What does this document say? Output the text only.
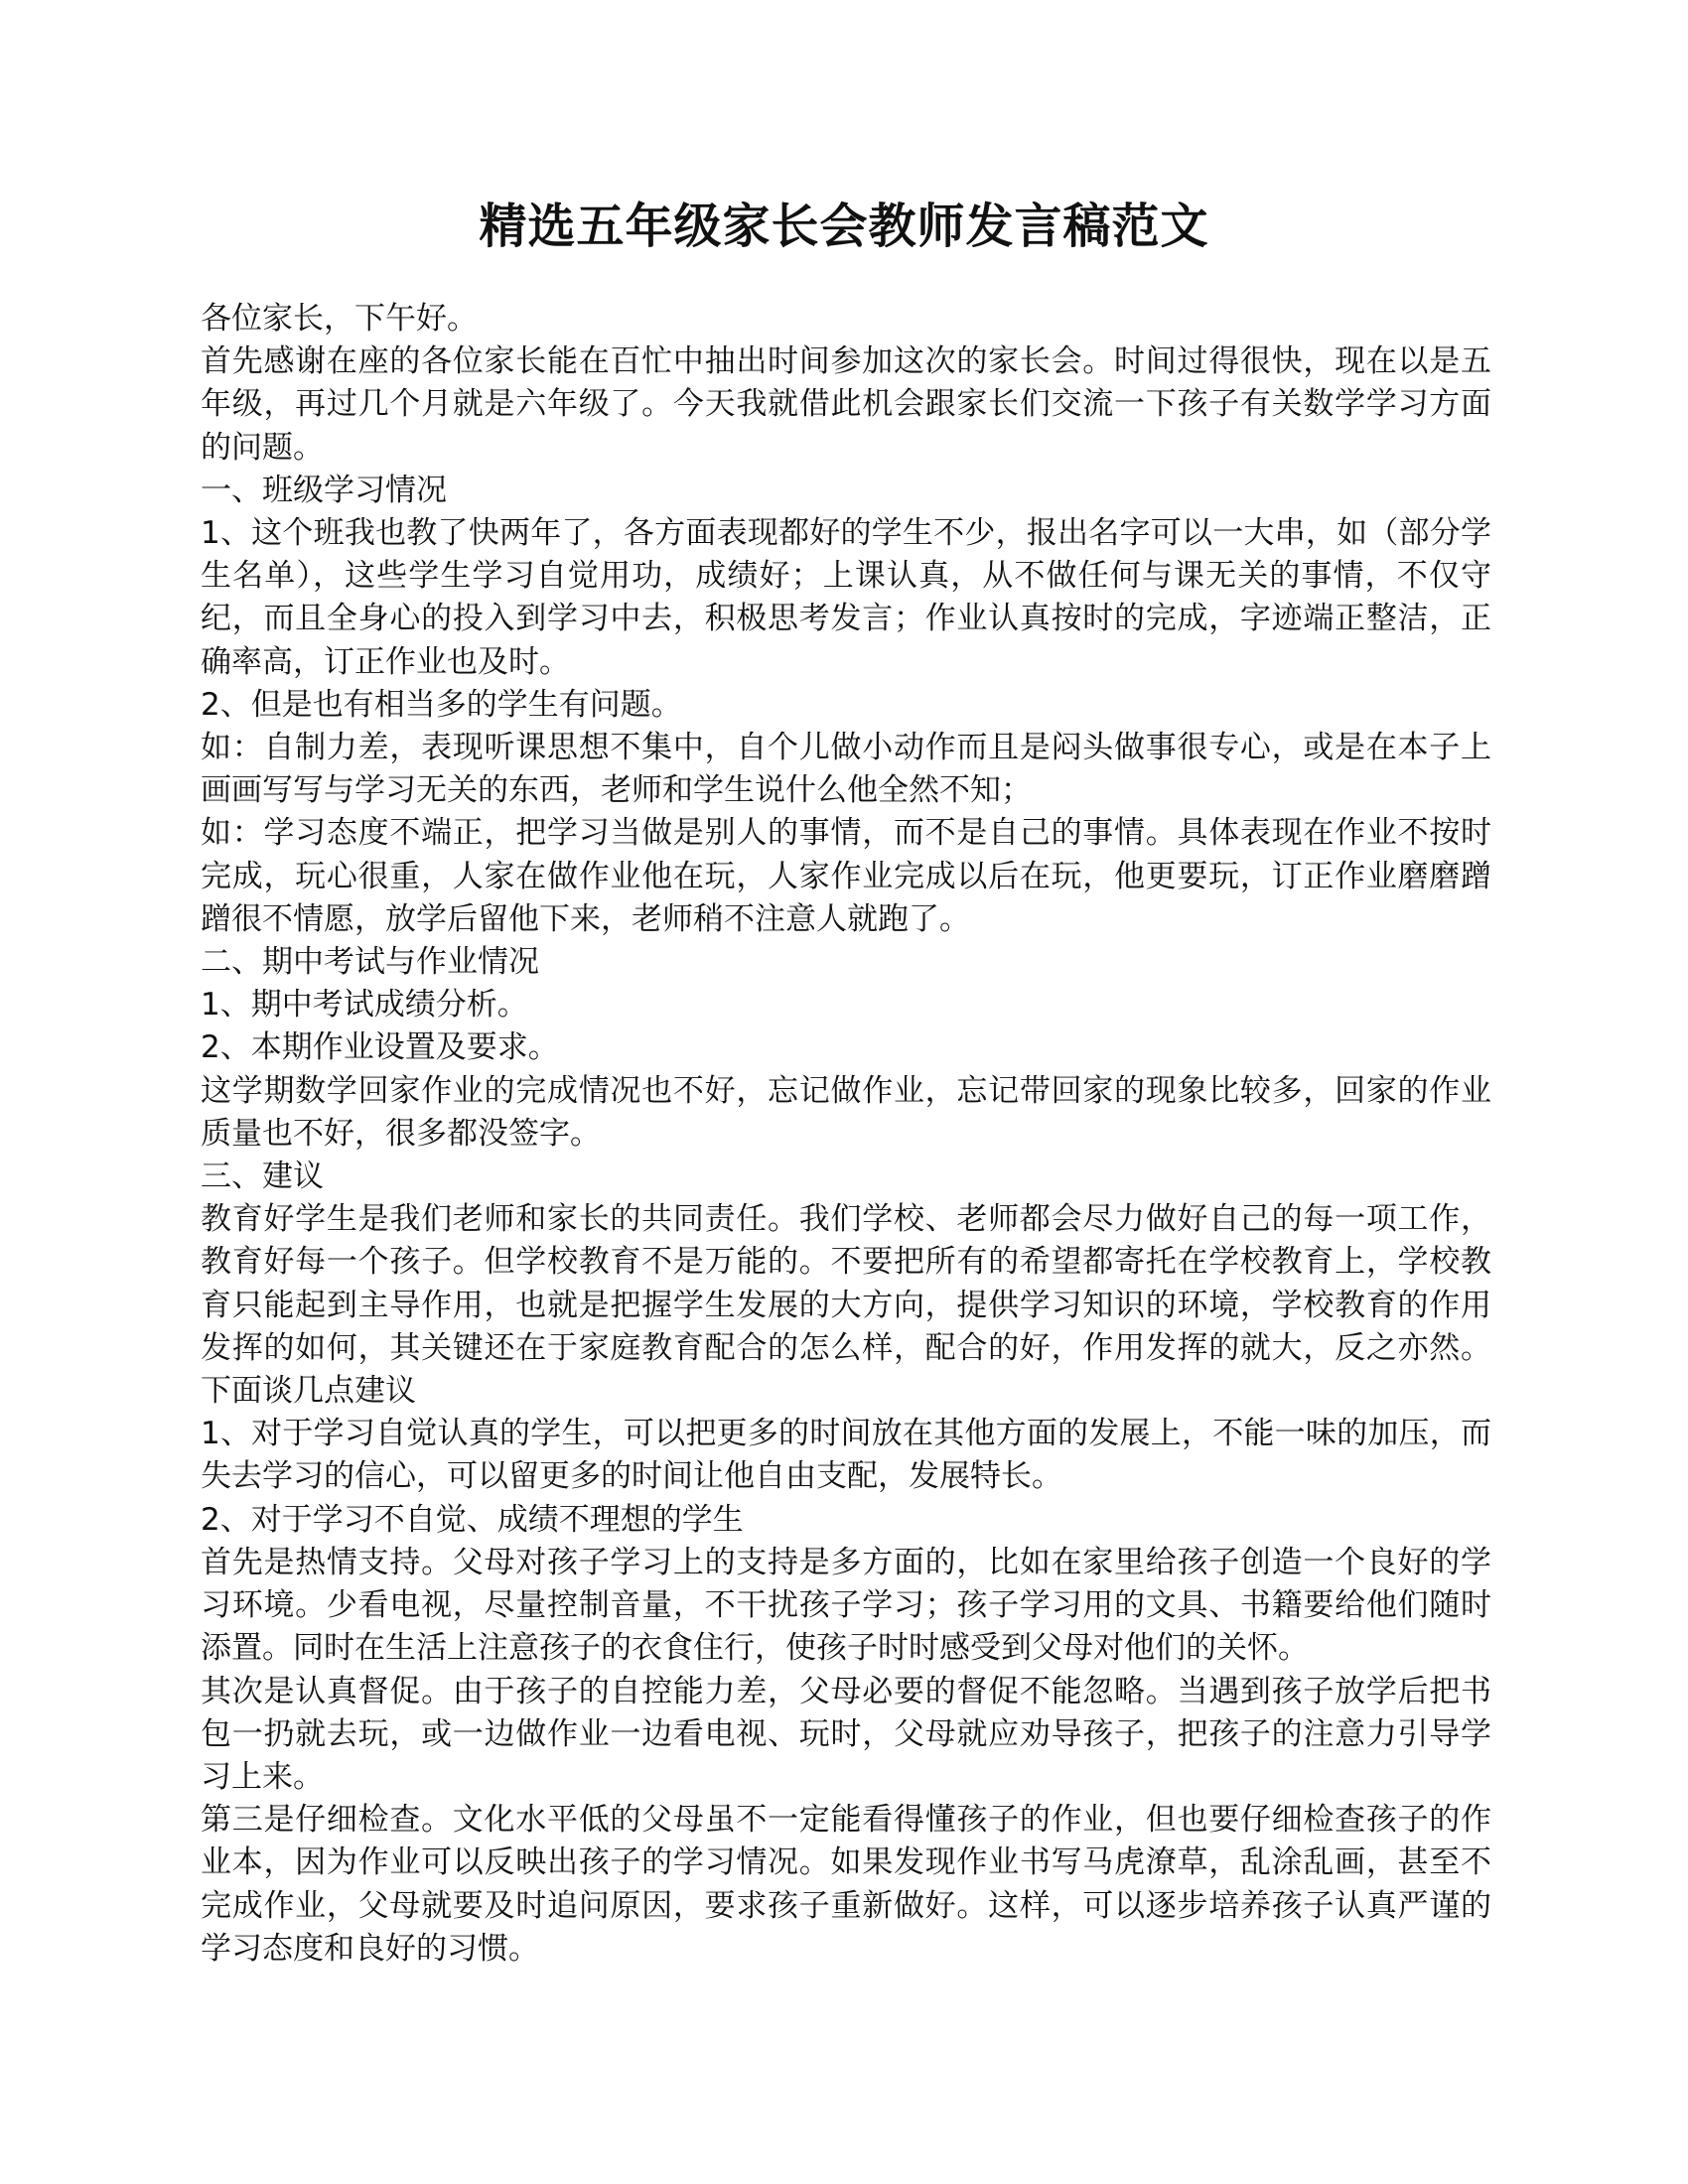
精选五年级家长会教师发言稿范文

各位家长，下午好。

首先感谢在座的各位家长能在百忙中抽出时间参加这次的家长会。时间过得很快，现在以是五年级，再过几个月就是六年级了。今天我就借此机会跟家长们交流一下孩子有关数学学习方面的问题。

一、班级学习情况

1、这个班我也教了快两年了，各方面表现都好的学生不少，报出名字可以一大串，如（部分学生名单），这些学生学习自觉用功，成绩好；上课认真，从不做任何与课无关的事情，不仅守纪，而且全身心的投入到学习中去，积极思考发言；作业认真按时的完成，字迹端正整洁，正确率高，订正作业也及时。

2、但是也有相当多的学生有问题。

如：自制力差，表现听课思想不集中，自个儿做小动作而且是闷头做事很专心，或是在本子上画画写写与学习无关的东西，老师和学生说什么他全然不知；

如：学习态度不端正，把学习当做是别人的事情，而不是自己的事情。具体表现在作业不按时完成，玩心很重，人家在做作业他在玩，人家作业完成以后在玩，他更要玩，订正作业磨磨蹭蹭很不情愿，放学后留他下来，老师稍不注意人就跑了。

二、期中考试与作业情况

1、期中考试成绩分析。

2、本期作业设置及要求。

这学期数学回家作业的完成情况也不好，忘记做作业，忘记带回家的现象比较多，回家的作业质量也不好，很多都没签字。

三、建议

教育好学生是我们老师和家长的共同责任。我们学校、老师都会尽力做好自己的每一项工作，教育好每一个孩子。但学校教育不是万能的。不要把所有的希望都寄托在学校教育上，学校教育只能起到主导作用，也就是把握学生发展的大方向，提供学习知识的环境，学校教育的作用发挥的如何，其关键还在于家庭教育配合的怎么样，配合的好，作用发挥的就大，反之亦然。下面谈几点建议

1、对于学习自觉认真的学生，可以把更多的时间放在其他方面的发展上，不能一味的加压，而失去学习的信心，可以留更多的时间让他自由支配，发展特长。

2、对于学习不自觉、成绩不理想的学生

首先是热情支持。父母对孩子学习上的支持是多方面的，比如在家里给孩子创造一个良好的学习环境。少看电视，尽量控制音量，不干扰孩子学习；孩子学习用的文具、书籍要给他们随时添置。同时在生活上注意孩子的衣食住行，使孩子时时感受到父母对他们的关怀。

其次是认真督促。由于孩子的自控能力差，父母必要的督促不能忽略。当遇到孩子放学后把书包一扔就去玩，或一边做作业一边看电视、玩时，父母就应劝导孩子，把孩子的注意力引导学习上来。

第三是仔细检查。文化水平低的父母虽不一定能看得懂孩子的作业，但也要仔细检查孩子的作业本，因为作业可以反映出孩子的学习情况。如果发现作业书写马虎潦草，乱涂乱画，甚至不完成作业，父母就要及时追问原因，要求孩子重新做好。这样，可以逐步培养孩子认真严谨的学习态度和良好的习惯。
